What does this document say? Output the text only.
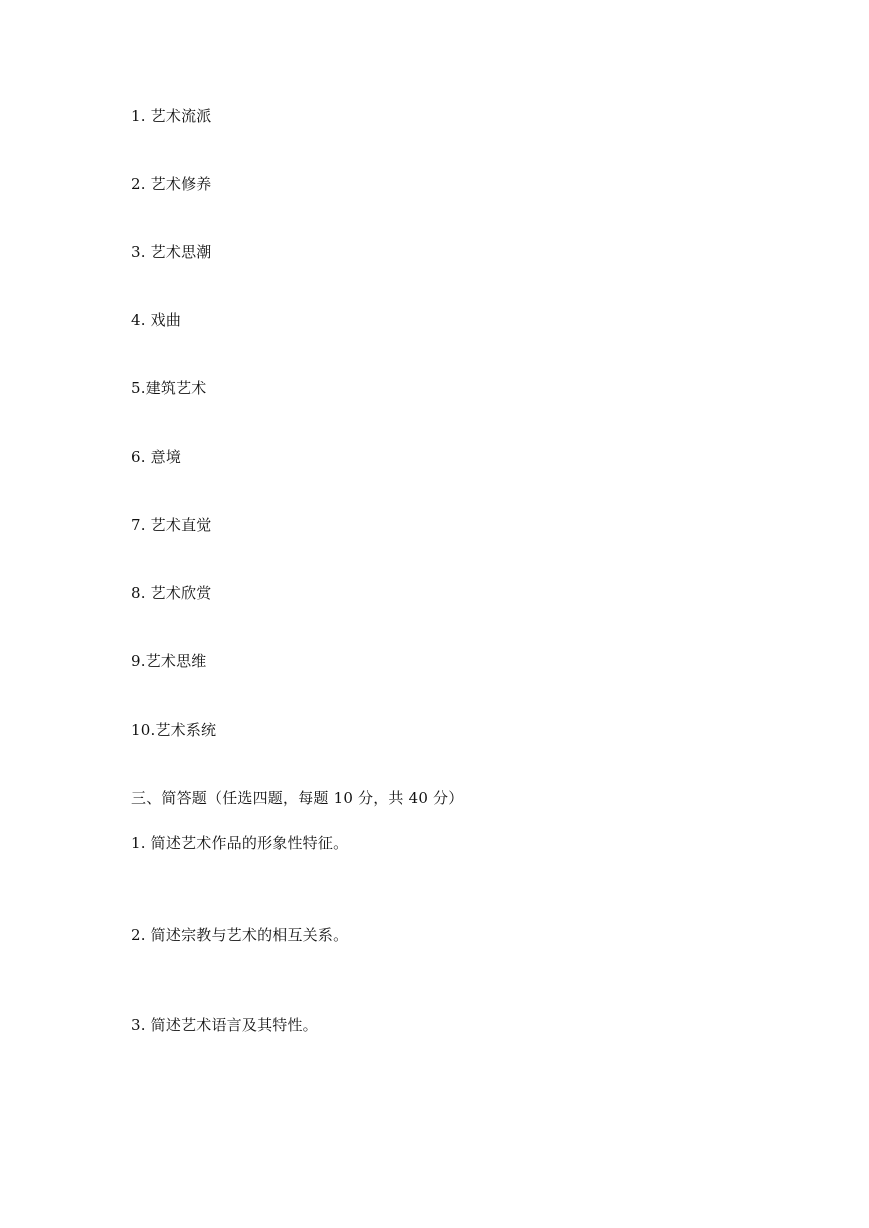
1. 艺术流派
2. 艺术修养
3. 艺术思潮
4. 戏曲
5.建筑艺术
6. 意境
7. 艺术直觉
8. 艺术欣赏
9.艺术思维
10.艺术系统
三、简答题（任选四题，每题 10 分，共 40 分）
1. 简述艺术作品的形象性特征。
2. 简述宗教与艺术的相互关系。
3. 简述艺术语言及其特性。
